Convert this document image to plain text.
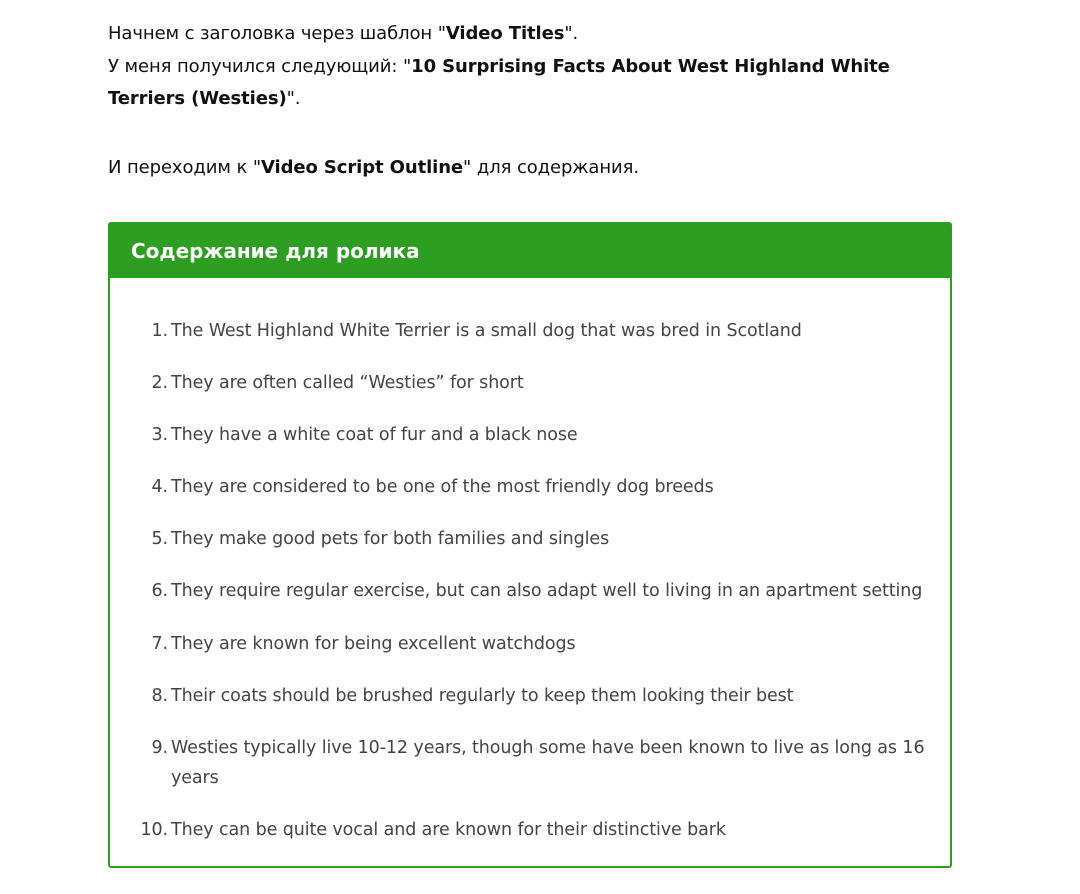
Начнем с заголовка через шаблон "Video Titles".
У меня получился следующий: "10 Surprising Facts About West Highland White Terriers (Westies)".

И переходим к "Video Script Outline" для содержания.

Содержание для ролика
1. The West Highland White Terrier is a small dog that was bred in Scotland
2. They are often called “Westies” for short
3. They have a white coat of fur and a black nose
4. They are considered to be one of the most friendly dog breeds
5. They make good pets for both families and singles
6. They require regular exercise, but can also adapt well to living in an apartment setting
7. They are known for being excellent watchdogs
8. Their coats should be brushed regularly to keep them looking their best
9. Westies typically live 10-12 years, though some have been known to live as long as 16 years
10. They can be quite vocal and are known for their distinctive bark
